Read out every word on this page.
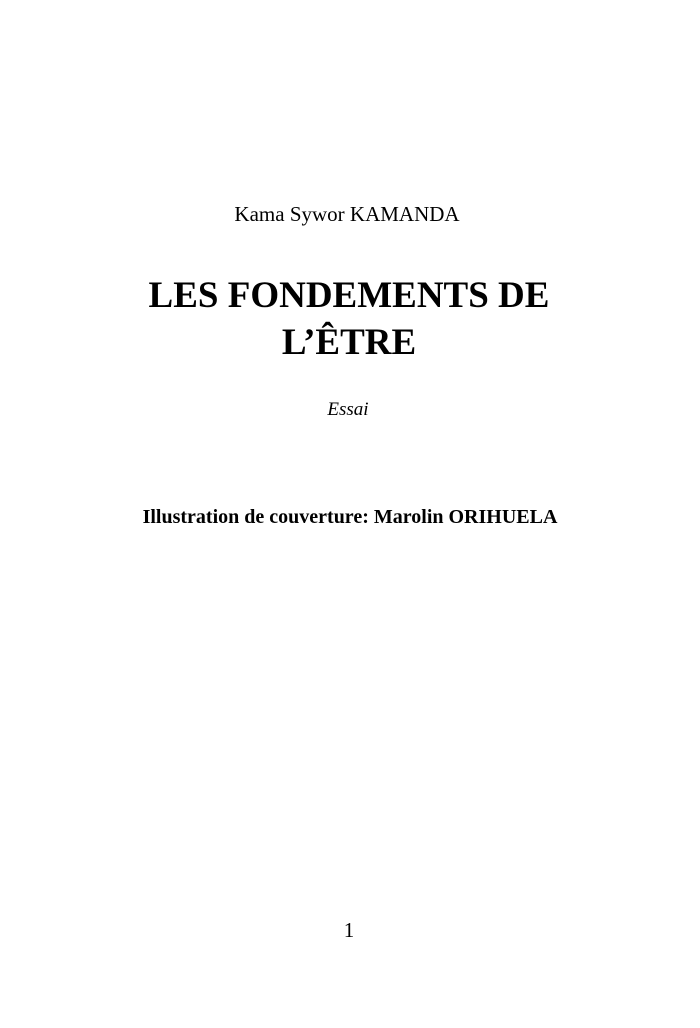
Kama Sywor KAMANDA

LES FONDEMENTS DE
L’ÊTRE

Essai

Illustration de couverture: Marolin ORIHUELA

1
